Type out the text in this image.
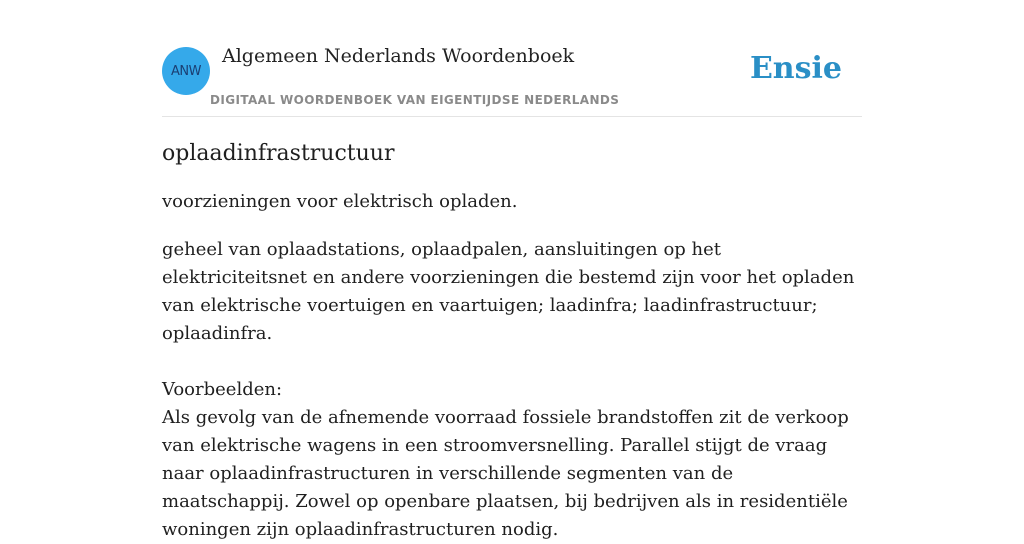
ANW
Algemeen Nederlands Woordenboek
DIGITAAL WOORDENBOEK VAN EIGENTIJDSE NEDERLANDS
Ensie
oplaadinfrastructuur

voorzieningen voor elektrisch opladen.

geheel van oplaadstations, oplaadpalen, aansluitingen op het elektriciteitsnet en andere voorzieningen die bestemd zijn voor het opladen van elektrische voertuigen en vaartuigen; laadinfra; laadinfrastructuur; oplaadinfra.

Voorbeelden:

Als gevolg van de afnemende voorraad fossiele brandstoffen zit de verkoop van elektrische wagens in een stroomversnelling. Parallel stijgt de vraag naar oplaadinfrastructuren in verschillende segmenten van de maatschappij. Zowel op openbare plaatsen, bij bedrijven als in residentiële woningen zijn oplaadinfrastructuren nodig.
